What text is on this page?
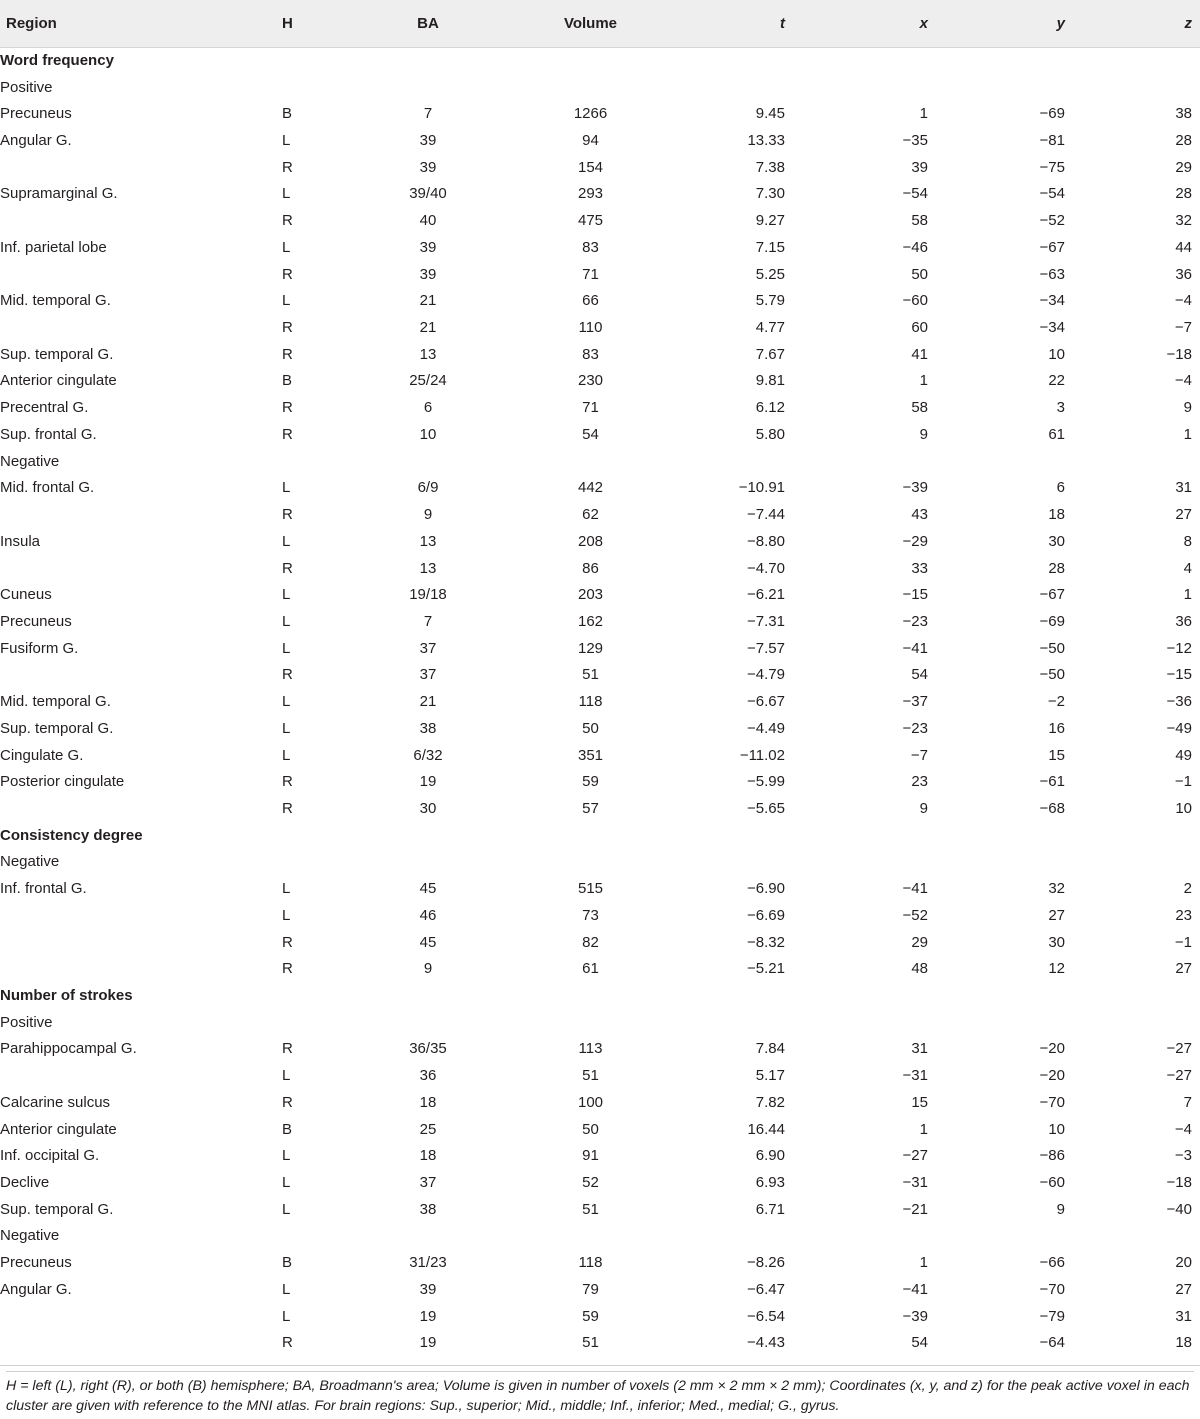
Region	H	BA	Volume	t	x	y	z
Word frequency							
Positive							
Precuneus	B	7	1266	9.45	1	−69	38
Angular G.	L	39	94	13.33	−35	−81	28
	R	39	154	7.38	39	−75	29
Supramarginal G.	L	39/40	293	7.30	−54	−54	28
	R	40	475	9.27	58	−52	32
Inf. parietal lobe	L	39	83	7.15	−46	−67	44
	R	39	71	5.25	50	−63	36
Mid. temporal G.	L	21	66	5.79	−60	−34	−4
	R	21	110	4.77	60	−34	−7
Sup. temporal G.	R	13	83	7.67	41	10	−18
Anterior cingulate	B	25/24	230	9.81	1	22	−4
Precentral G.	R	6	71	6.12	58	3	9
Sup. frontal G.	R	10	54	5.80	9	61	1
Negative							
Mid. frontal G.	L	6/9	442	−10.91	−39	6	31
	R	9	62	−7.44	43	18	27
Insula	L	13	208	−8.80	−29	30	8
	R	13	86	−4.70	33	28	4
Cuneus	L	19/18	203	−6.21	−15	−67	1
Precuneus	L	7	162	−7.31	−23	−69	36
Fusiform G.	L	37	129	−7.57	−41	−50	−12
	R	37	51	−4.79	54	−50	−15
Mid. temporal G.	L	21	118	−6.67	−37	−2	−36
Sup. temporal G.	L	38	50	−4.49	−23	16	−49
Cingulate G.	L	6/32	351	−11.02	−7	15	49
Posterior cingulate	R	19	59	−5.99	23	−61	−1
	R	30	57	−5.65	9	−68	10
Consistency degree							
Negative							
Inf. frontal G.	L	45	515	−6.90	−41	32	2
	L	46	73	−6.69	−52	27	23
	R	45	82	−8.32	29	30	−1
	R	9	61	−5.21	48	12	27
Number of strokes							
Positive							
Parahippocampal G.	R	36/35	113	7.84	31	−20	−27
	L	36	51	5.17	−31	−20	−27
Calcarine sulcus	R	18	100	7.82	15	−70	7
Anterior cingulate	B	25	50	16.44	1	10	−4
Inf. occipital G.	L	18	91	6.90	−27	−86	−3
Declive	L	37	52	6.93	−31	−60	−18
Sup. temporal G.	L	38	51	6.71	−21	9	−40
Negative							
Precuneus	B	31/23	118	−8.26	1	−66	20
Angular G.	L	39	79	−6.47	−41	−70	27
	L	19	59	−6.54	−39	−79	31
	R	19	51	−4.43	54	−64	18
H = left (L), right (R), or both (B) hemisphere; BA, Broadmann's area; Volume is given in number of voxels (2 mm × 2 mm × 2 mm); Coordinates (x, y, and z) for the peak active voxel in each cluster are given with reference to the MNI atlas. For brain regions: Sup., superior; Mid., middle; Inf., inferior; Med., medial; G., gyrus.
